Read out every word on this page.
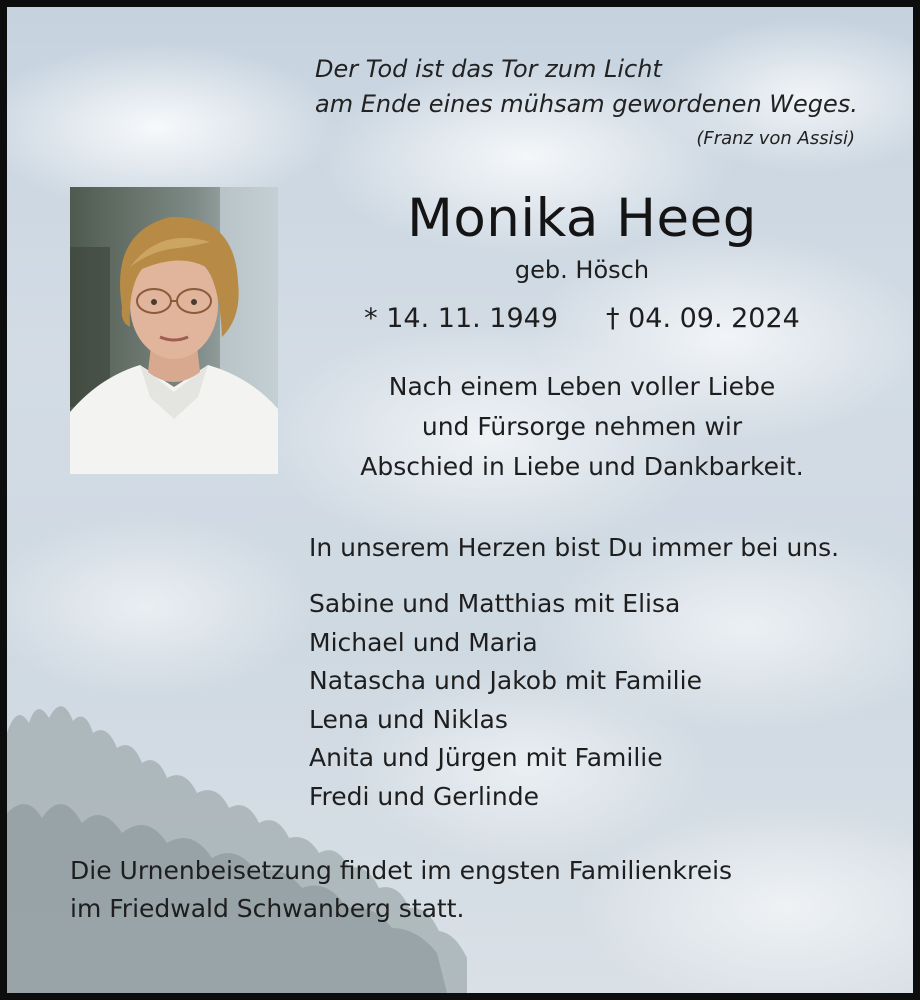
Der Tod ist das Tor zum Licht
am Ende eines mühsam gewordenen Weges.
(Franz von Assisi)
Monika Heeg
geb. Hösch
* 14. 11. 1949 † 04. 09. 2024
Nach einem Leben voller Liebe
und Fürsorge nehmen wir
Abschied in Liebe und Dankbarkeit.
In unserem Herzen bist Du immer bei uns.
Sabine und Matthias mit Elisa
Michael und Maria
Natascha und Jakob mit Familie
Lena und Niklas
Anita und Jürgen mit Familie
Fredi und Gerlinde
Die Urnenbeisetzung findet im engsten Familienkreis
im Friedwald Schwanberg statt.
